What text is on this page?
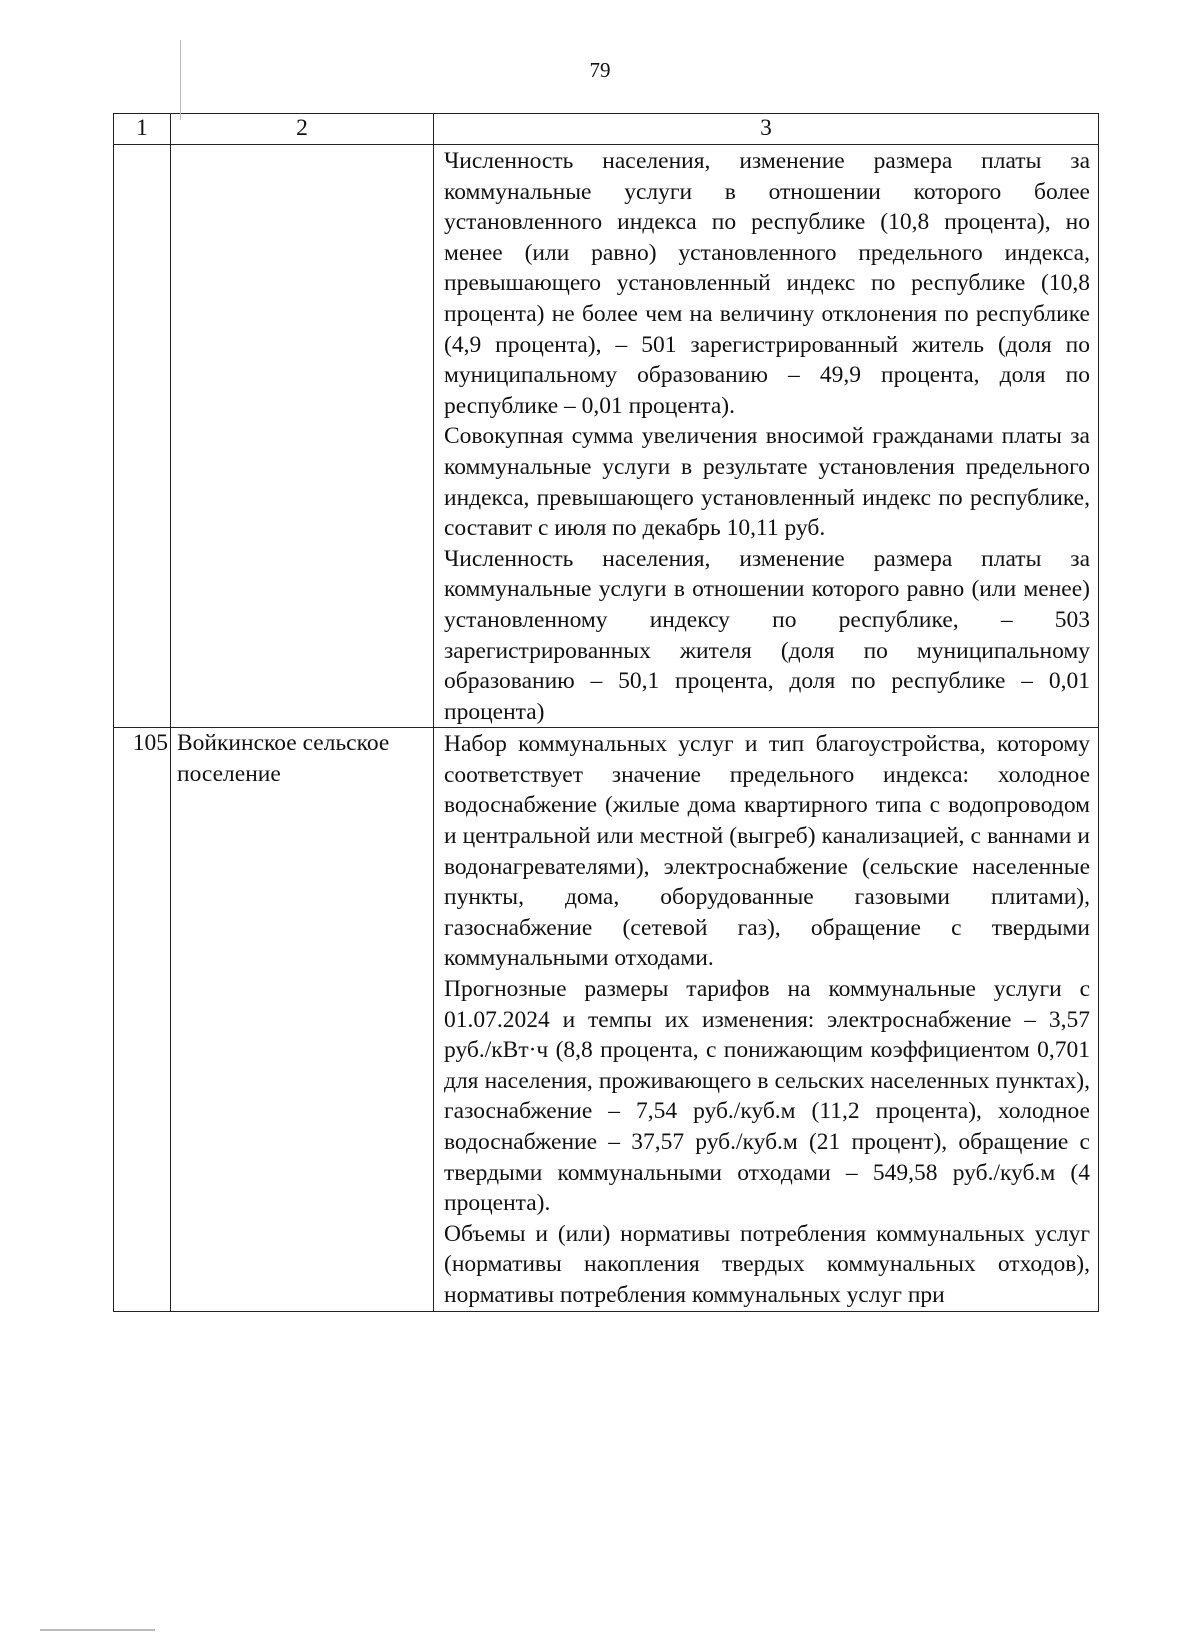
79
1	2	3

		Численность населения, изменение размера платы за коммунальные услуги в отношении которого более установленного индекса по республике (10,8 процента), но менее (или равно) установленного предельного индекса, превышающего установленный индекс по республике (10,8 процента) не более чем на величину отклонения по республике (4,9 процента), – 501 зарегистрированный житель (доля по муниципальному образованию – 49,9 процента, доля по республике – 0,01 процента).

Совокупная сумма увеличения вносимой гражданами платы за коммунальные услуги в результате установления предельного индекса, превышающего установленный индекс по республике, составит с июля по декабрь 10,11 руб.

Численность населения, изменение размера платы за коммунальные услуги в отношении которого равно (или менее) установленному индексу по республике, – 503 зарегистрированных жителя (доля по муниципальному образованию – 50,1 процента, доля по республике – 0,01 процента)

105	Войкинское сельское поселение	Набор коммунальных услуг и тип благоустройства, которому соответствует значение предельного индекса: холодное водоснабжение (жилые дома квартирного типа с водопроводом и центральной или местной (выгреб) канализацией, с ваннами и водонагревателями), электроснабжение (сельские населенные пункты, дома, оборудованные газовыми плитами), газоснабжение (сетевой газ), обращение с твердыми коммунальными отходами.

Прогнозные размеры тарифов на коммунальные услуги с 01.07.2024 и темпы их изменения: электроснабжение – 3,57 руб./кВт·ч (8,8 процента, с понижающим коэффициентом 0,701 для населения, проживающего в сельских населенных пунктах), газоснабжение – 7,54 руб./куб.м (11,2 процента), холодное водоснабжение – 37,57 руб./куб.м (21 процент), обращение с твердыми коммунальными отходами – 549,58 руб./куб.м (4 процента).

Объемы и (или) нормативы потребления коммунальных услуг (нормативы накопления твердых коммунальных отходов), нормативы потребления коммунальных услуг при
